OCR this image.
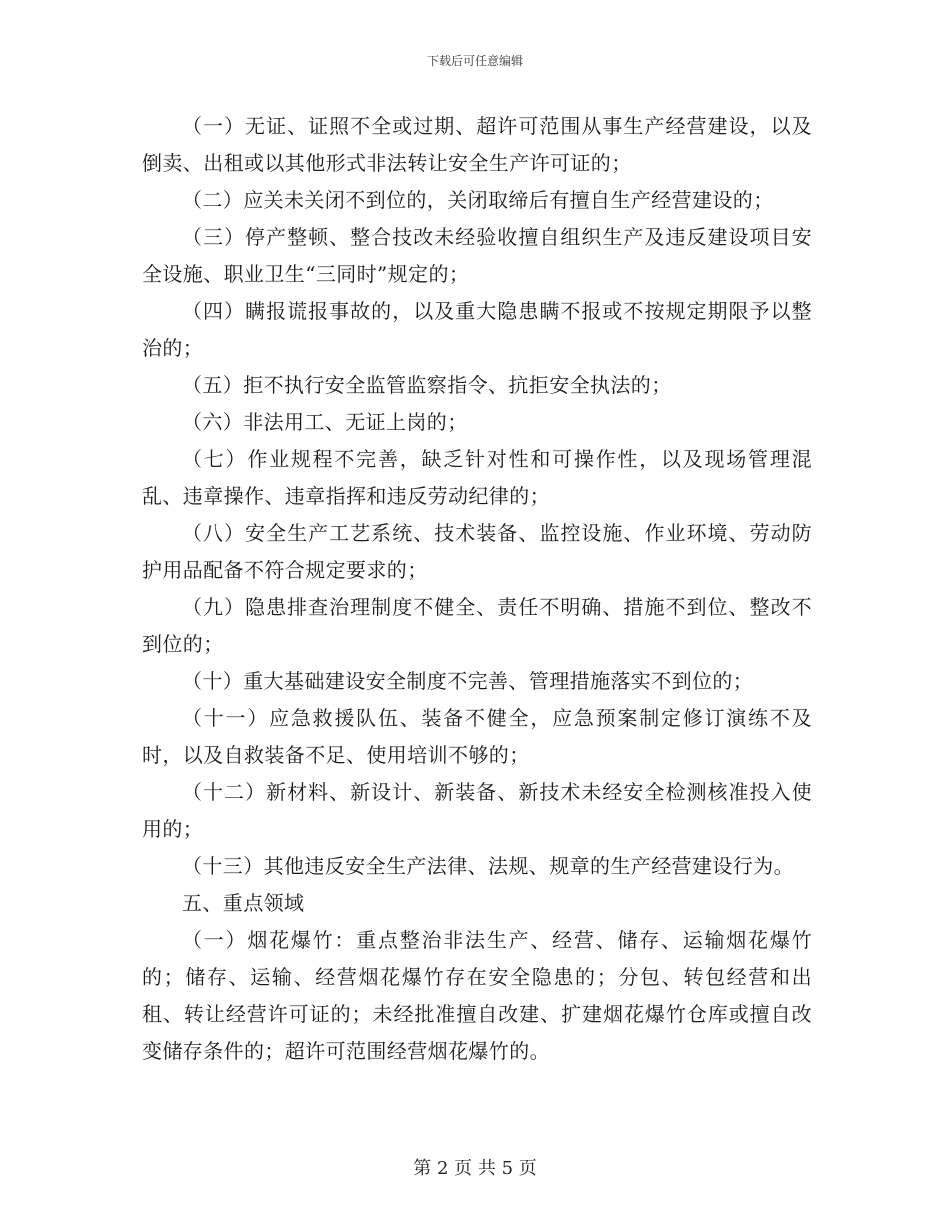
下载后可任意编辑

（一）无证、证照不全或过期、超许可范围从事生产经营建设，以及倒卖、出租或以其他形式非法转让安全生产许可证的；

（二）应关未关闭不到位的，关闭取缔后有擅自生产经营建设的；

（三）停产整顿、整合技改未经验收擅自组织生产及违反建设项目安全设施、职业卫生“三同时”规定的；

（四）瞒报谎报事故的，以及重大隐患瞒不报或不按规定期限予以整治的；

（五）拒不执行安全监管监察指令、抗拒安全执法的；

（六）非法用工、无证上岗的；

（七）作业规程不完善，缺乏针对性和可操作性，以及现场管理混乱、违章操作、违章指挥和违反劳动纪律的；

（八）安全生产工艺系统、技术装备、监控设施、作业环境、劳动防护用品配备不符合规定要求的；

（九）隐患排查治理制度不健全、责任不明确、措施不到位、整改不到位的；

（十）重大基础建设安全制度不完善、管理措施落实不到位的；

（十一）应急救援队伍、装备不健全，应急预案制定修订演练不及时，以及自救装备不足、使用培训不够的；

（十二）新材料、新设计、新装备、新技术未经安全检测核准投入使用的；

（十三）其他违反安全生产法律、法规、规章的生产经营建设行为。

五、重点领域

（一）烟花爆竹：重点整治非法生产、经营、储存、运输烟花爆竹的；储存、运输、经营烟花爆竹存在安全隐患的；分包、转包经营和出租、转让经营许可证的；未经批准擅自改建、扩建烟花爆竹仓库或擅自改变储存条件的；超许可范围经营烟花爆竹的。

第 2 页 共 5 页
